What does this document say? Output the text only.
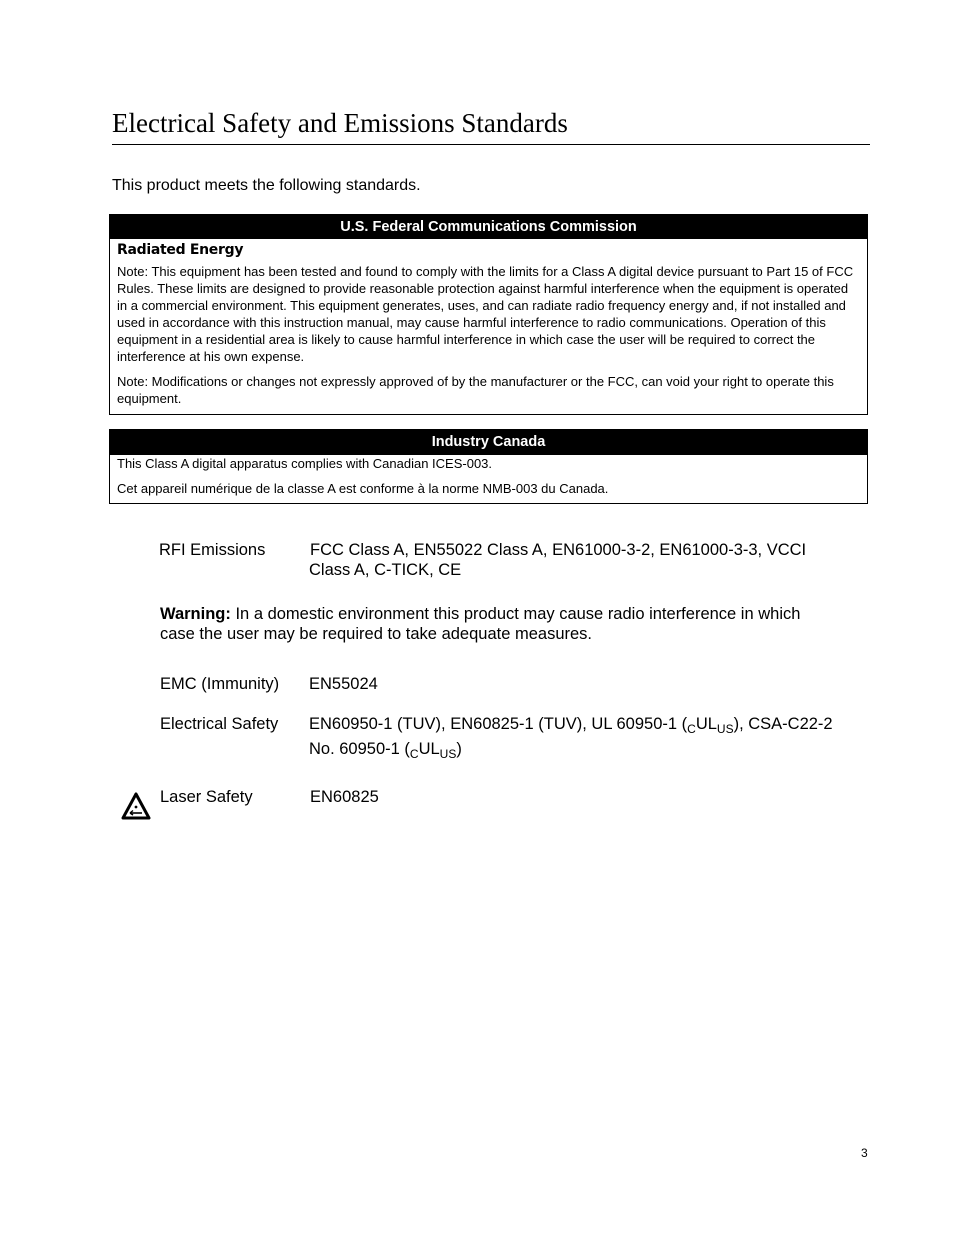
Electrical Safety and Emissions Standards

This product meets the following standards.

U.S. Federal Communications Commission

Radiated Energy

Note: This equipment has been tested and found to comply with the limits for a Class A digital device pursuant to Part 15 of FCC Rules. These limits are designed to provide reasonable protection against harmful interference when the equipment is operated in a commercial environment. This equipment generates, uses, and can radiate radio frequency energy and, if not installed and used in accordance with this instruction manual, may cause harmful interference to radio communications. Operation of this equipment in a residential area is likely to cause harmful interference in which case the user will be required to correct the interference at his own expense.

Note: Modifications or changes not expressly approved of by the manufacturer or the FCC, can void your right to operate this equipment.

Industry Canada

This Class A digital apparatus complies with Canadian ICES-003.

Cet appareil numérique de la classe A est conforme à la norme NMB-003 du Canada.

RFI Emissions	FCC Class A, EN55022 Class A, EN61000-3-2, EN61000-3-3, VCCI
Class A, C-TICK, CE

Warning: In a domestic environment this product may cause radio interference in which case the user may be required to take adequate measures.

EMC (Immunity) EN55024
Electrical Safety EN60950-1 (TUV), EN60825-1 (TUV), UL 60950-1 $(_CUL_{US})$, CSA-C22-2
No. 60950-1 $(_CUL_{US})$
Laser Safety	EN60825
3
